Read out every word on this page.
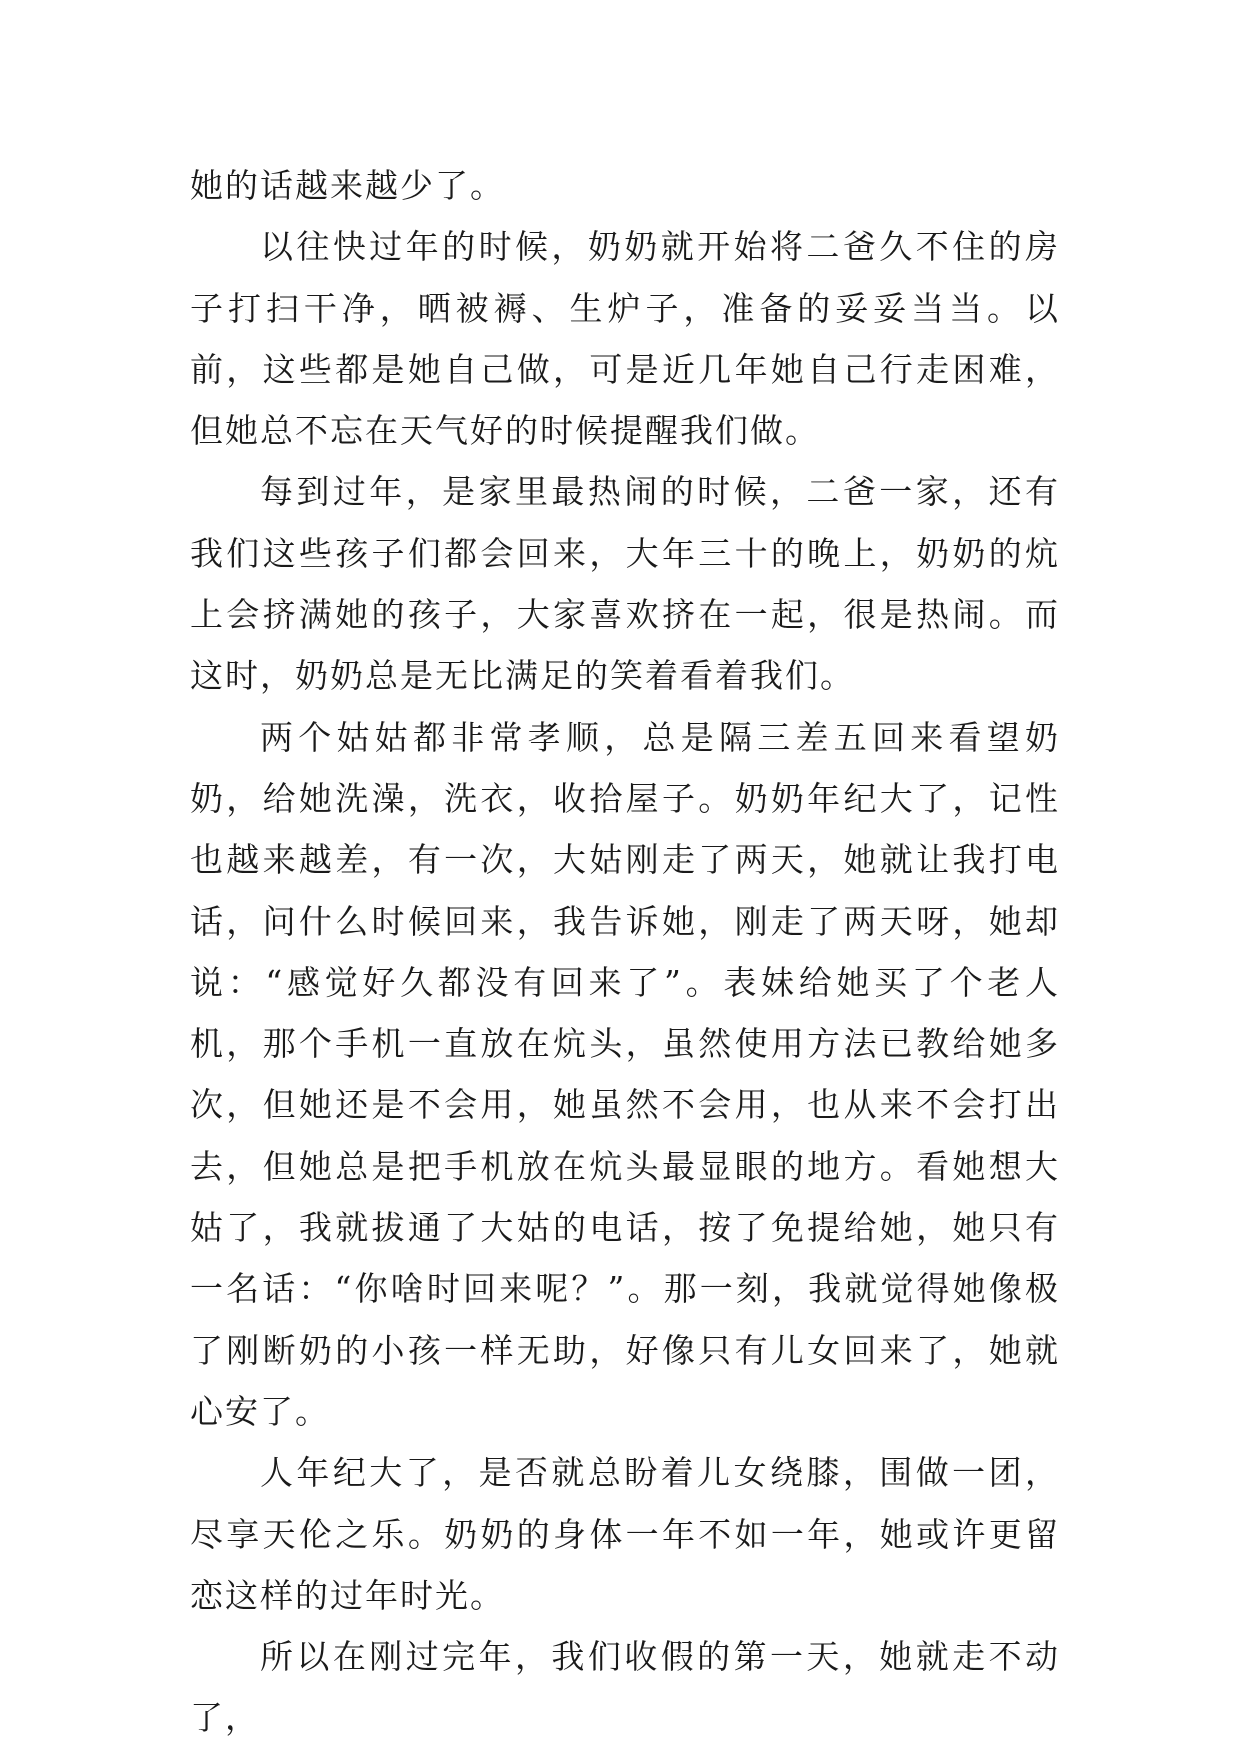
她的话越来越少了。

以往快过年的时候，奶奶就开始将二爸久不住的房子打扫干净，晒被褥、生炉子，准备的妥妥当当。以前，这些都是她自己做，可是近几年她自己行走困难，但她总不忘在天气好的时候提醒我们做。

每到过年，是家里最热闹的时候，二爸一家，还有我们这些孩子们都会回来，大年三十的晚上，奶奶的炕上会挤满她的孩子，大家喜欢挤在一起，很是热闹。而这时，奶奶总是无比满足的笑着看着我们。

两个姑姑都非常孝顺，总是隔三差五回来看望奶奶，给她洗澡，洗衣，收拾屋子。奶奶年纪大了，记性也越来越差，有一次，大姑刚走了两天，她就让我打电话，问什么时候回来，我告诉她，刚走了两天呀，她却说：“感觉好久都没有回来了”。表妹给她买了个老人机，那个手机一直放在炕头，虽然使用方法已教给她多次，但她还是不会用，她虽然不会用，也从来不会打出去，但她总是把手机放在炕头最显眼的地方。看她想大姑了，我就拔通了大姑的电话，按了免提给她，她只有一名话：“你啥时回来呢？”。那一刻，我就觉得她像极了刚断奶的小孩一样无助，好像只有儿女回来了，她就心安了。

人年纪大了，是否就总盼着儿女绕膝，围做一团，尽享天伦之乐。奶奶的身体一年不如一年，她或许更留恋这样的过年时光。

所以在刚过完年，我们收假的第一天，她就走不动了，
